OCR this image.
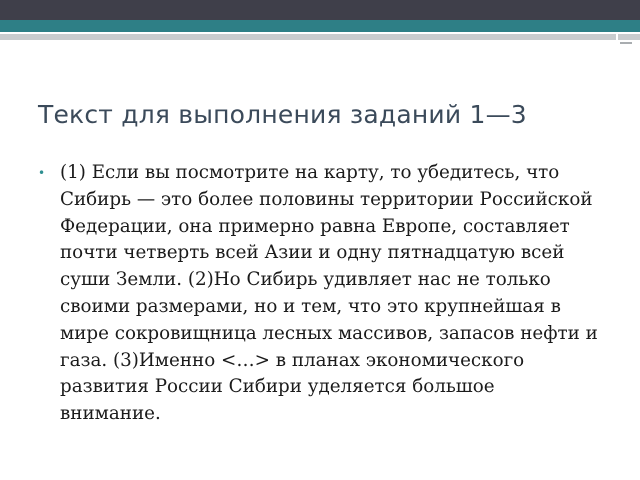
Текст для выполнения заданий 1—3
• (1) Если вы посмотрите на карту, то убедитесь, что Сибирь — это более половины территории Российской Федерации, она примерно равна Европе, составляет почти четверть всей Азии и одну пятнадцатую всей суши Земли. (2)Но Сибирь удивляет нас не только своими размерами, но и тем, что это крупнейшая в мире сокровищница лесных массивов, запасов нефти и газа. (3)Именно <…> в планах экономического развития России Сибири уделяется большое внимание.
